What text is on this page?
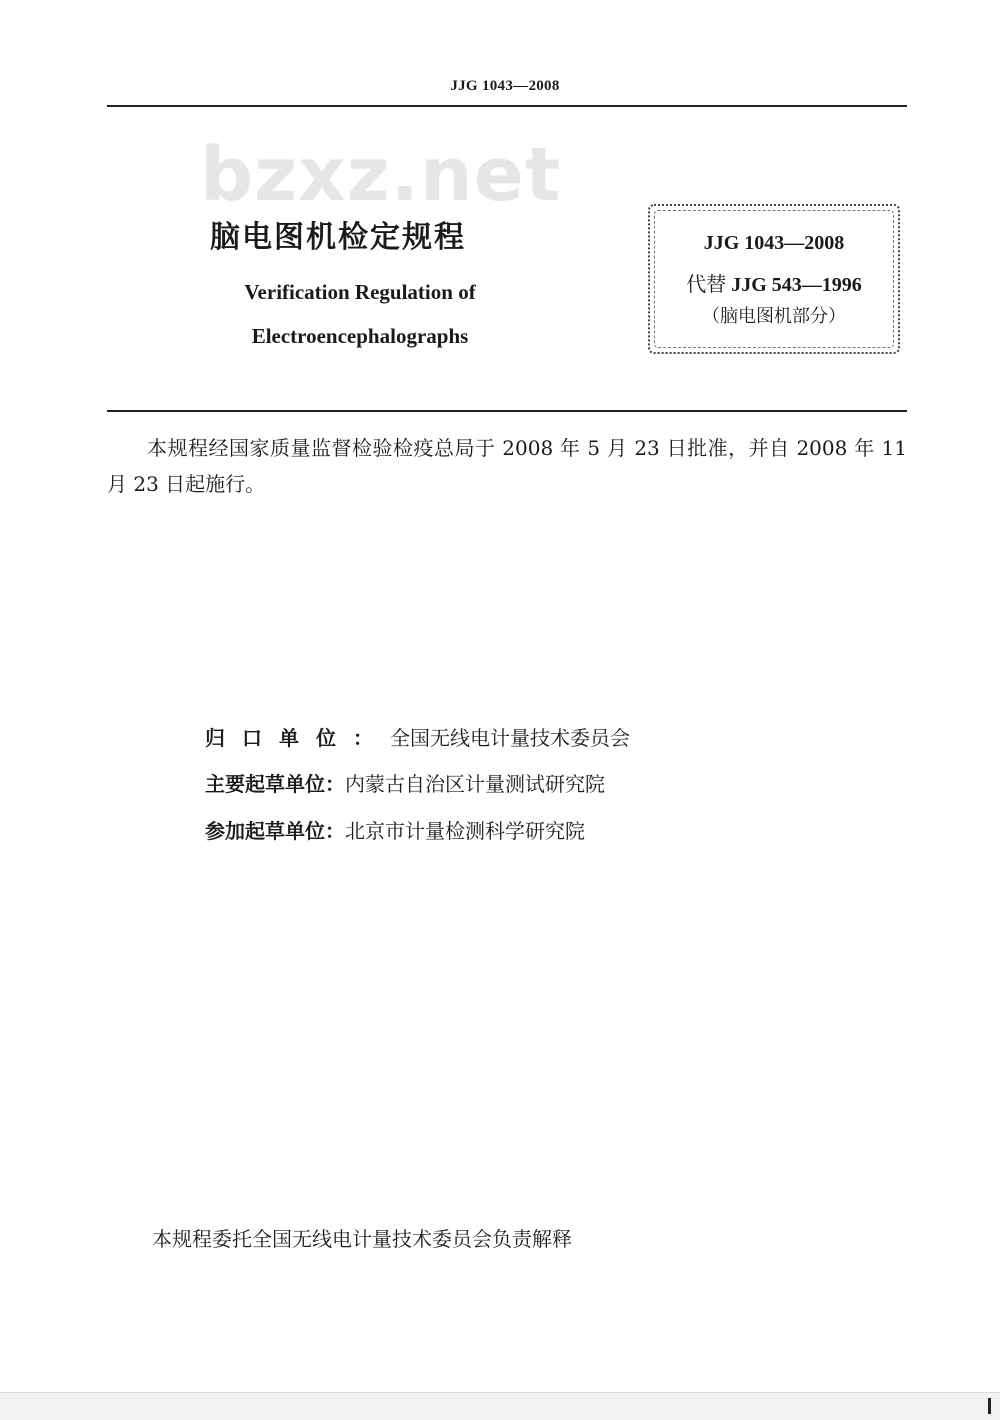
JJG 1043—2008
bzxz.net
脑电图机检定规程
Verification Regulation of
Electroencephalographs
JJG 1043—2008
代替 JJG 543—1996
（脑电图机部分）
本规程经国家质量监督检验检疫总局于 2008 年 5 月 23 日批准，并自 2008 年 11 月 23 日起施行。
归口单位：全国无线电计量技术委员会
主要起草单位：内蒙古自治区计量测试研究院
参加起草单位：北京市计量检测科学研究院
本规程委托全国无线电计量技术委员会负责解释
